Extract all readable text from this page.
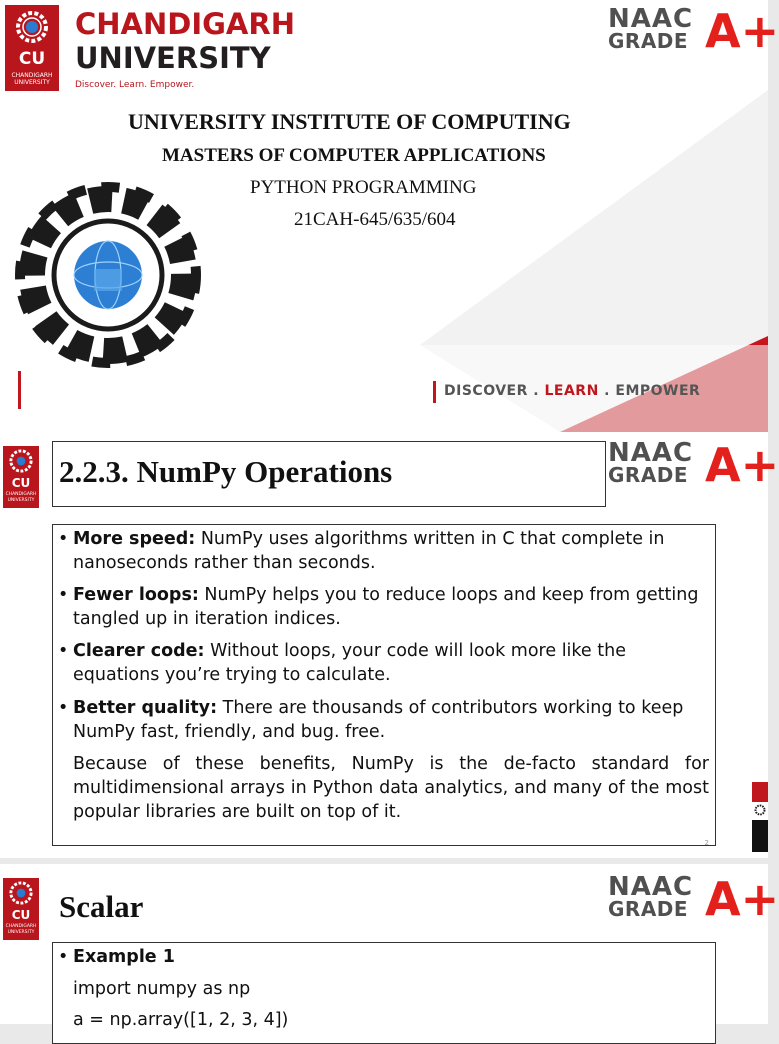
CU
CHANDIGARH
UNIVERSITY
CHANDIGARH
UNIVERSITY
Discover. Learn. Empower.
NAAC
GRADE A+
UNIVERSITY INSTITUTE OF COMPUTING
MASTERS OF COMPUTER APPLICATIONS
PYTHON PROGRAMMING
21CAH-645/635/604
DISCOVER . LEARN . EMPOWER
CU
CHANDIGARH
UNIVERSITY
2.2.3. NumPy Operations
NAAC
GRADE A+
• More speed: NumPy uses algorithms written in C that complete in nanoseconds rather than seconds.
• Fewer loops: NumPy helps you to reduce loops and keep from getting tangled up in iteration indices.
• Clearer code: Without loops, your code will look more like the equations you’re trying to calculate.
• Better quality: There are thousands of contributors working to keep NumPy fast, friendly, and bug. free.
Because of these benefits, NumPy is the de-facto standard for multidimensional arrays in Python data analytics, and many of the most popular libraries are built on top of it.
2
CU
CHANDIGARH
UNIVERSITY
Scalar
NAAC
GRADE A+
• Example 1
import numpy as np
a = np.array([1, 2, 3, 4])
